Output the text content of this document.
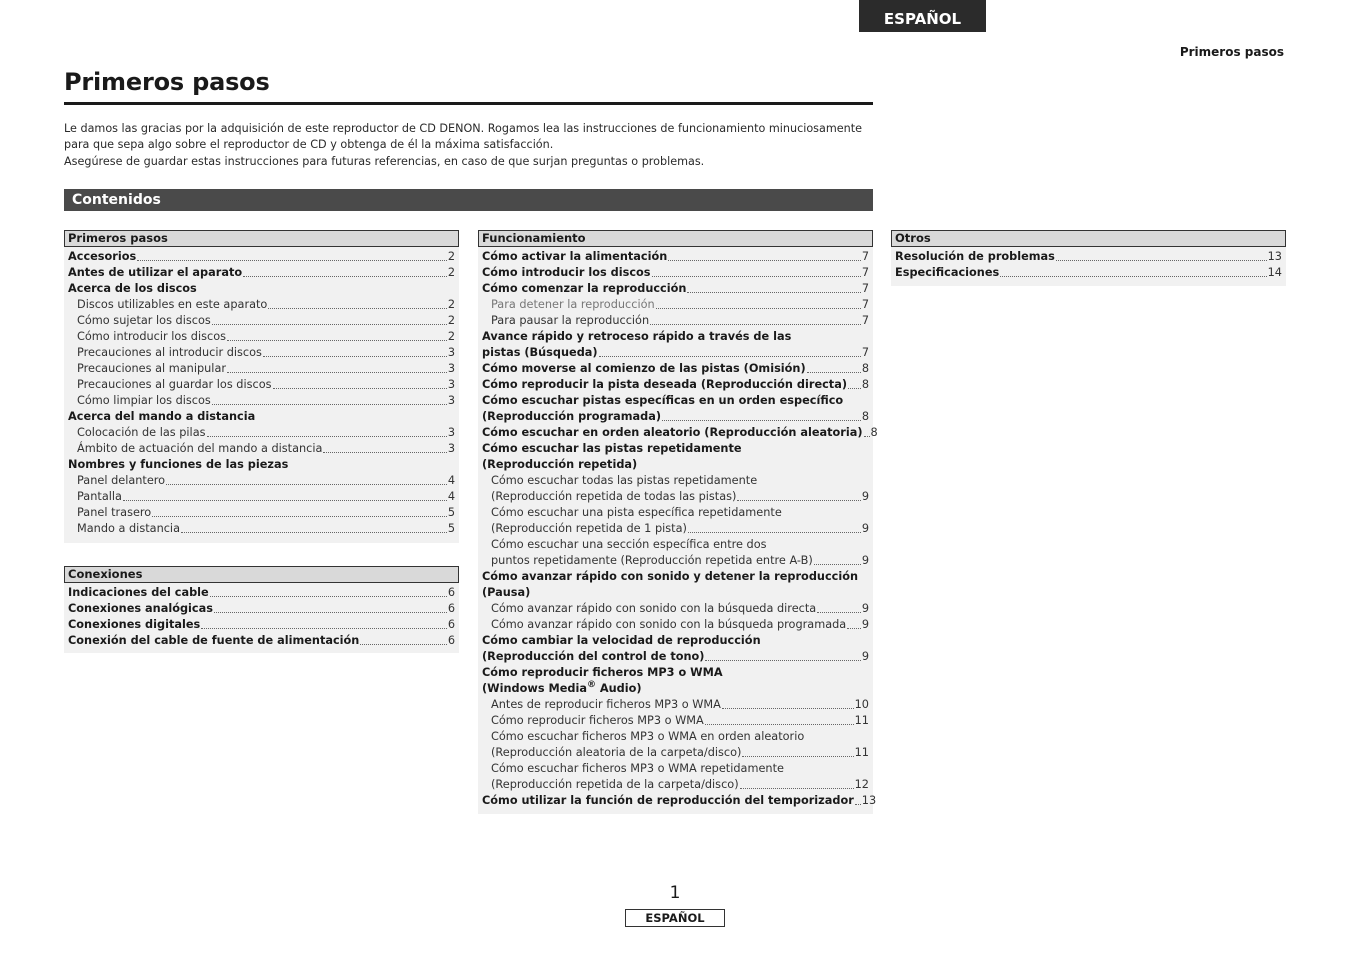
ESPAÑOL
Primeros pasos
Primeros pasos

Le damos las gracias por la adquisición de este reproductor de CD DENON. Rogamos lea las instrucciones de funcionamiento minuciosamente

para que sepa algo sobre el reproductor de CD y obtenga de él la máxima satisfacción.

Asegúrese de guardar estas instrucciones para futuras referencias, en caso de que surjan preguntas o problemas.

Contenidos
Primeros pasos
Accesorios	2
Antes de utilizar el aparato	2
Acerca de los discos
Discos utilizables en este aparato	2
Cómo sujetar los discos	2
Cómo introducir los discos	2
Precauciones al introducir discos	3
Precauciones al manipular	3
Precauciones al guardar los discos	3
Cómo limpiar los discos	3
Acerca del mando a distancia
Colocación de las pilas	3
Ámbito de actuación del mando a distancia	3
Nombres y funciones de las piezas
Panel delantero	4
Pantalla	4
Panel trasero	5
Mando a distancia	5
Conexiones
Indicaciones del cable	6
Conexiones analógicas	6
Conexiones digitales	6
Conexión del cable de fuente de alimentación	6
Funcionamiento
Cómo activar la alimentación	7
Cómo introducir los discos	7
Cómo comenzar la reproducción	7
Para detener la reproducción	7
Para pausar la reproducción	7
Avance rápido y retroceso rápido a través de las
pistas (Búsqueda)	7
Cómo moverse al comienzo de las pistas (Omisión)	8
Cómo reproducir la pista deseada (Reproducción directa) 8
Cómo escuchar pistas específicas en un orden específico
(Reproducción programada)	8
Cómo escuchar en orden aleatorio (Reproducción aleatoria) 8
Cómo escuchar las pistas repetidamente
(Reproducción repetida)
Cómo escuchar todas las pistas repetidamente
(Reproducción repetida de todas las pistas)	9
Cómo escuchar una pista específica repetidamente
(Reproducción repetida de 1 pista)	9
Cómo escuchar una sección específica entre dos
puntos repetidamente (Reproducción repetida entre A-B)	9
Cómo avanzar rápido con sonido y detener la reproducción
(Pausa)
Cómo avanzar rápido con sonido con la búsqueda directa	9
Cómo avanzar rápido con sonido con la búsqueda programada 9
Cómo cambiar la velocidad de reproducción
(Reproducción del control de tono)	9
Cómo reproducir ficheros MP3 o WMA
(Windows Media® Audio)
Antes de reproducir ficheros MP3 o WMA	10
Cómo reproducir ficheros MP3 o WMA	11
Cómo escuchar ficheros MP3 o WMA en orden aleatorio
(Reproducción aleatoria de la carpeta/disco)	11
Cómo escuchar ficheros MP3 o WMA repetidamente
(Reproducción repetida de la carpeta/disco)	12
Cómo utilizar la función de reproducción del temporizador 13
Otros
Resolución de problemas	13
Especificaciones	14
1
ESPAÑOL
